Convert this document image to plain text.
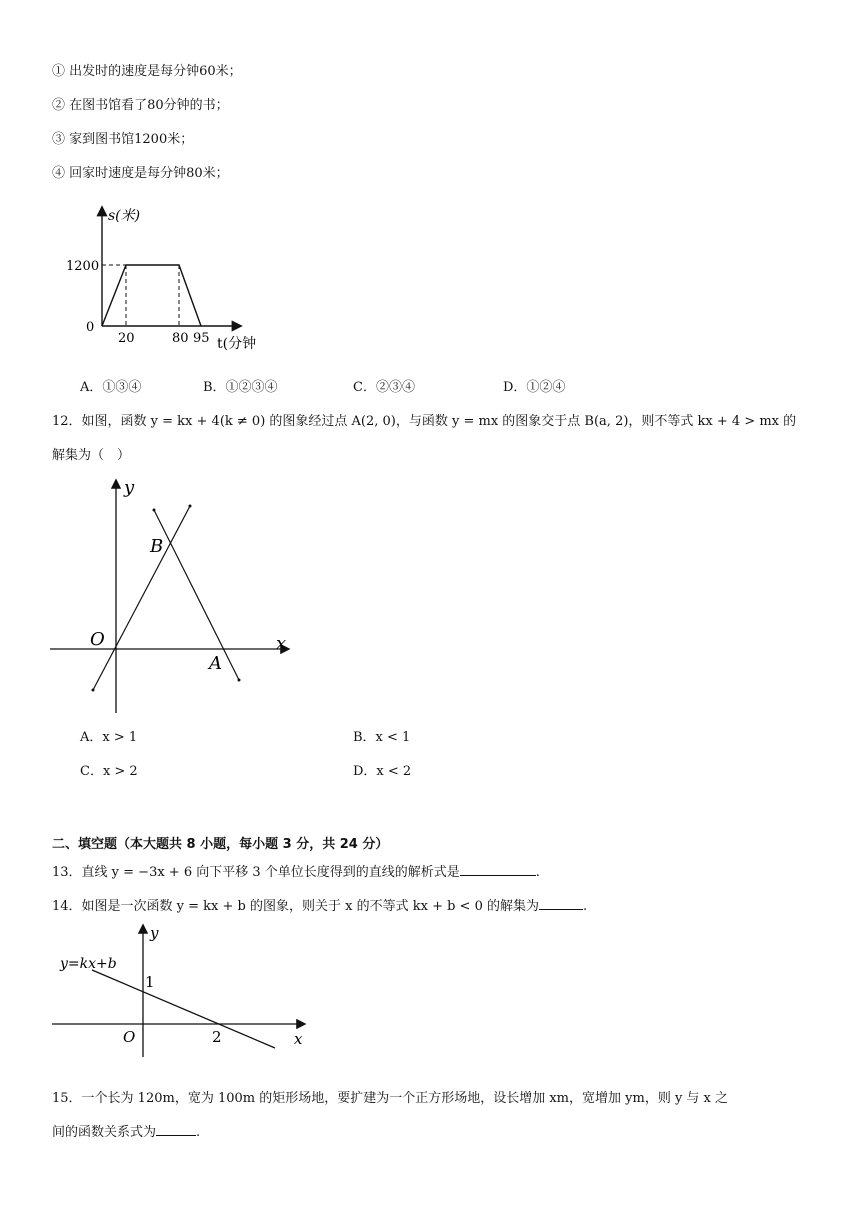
① 出发时的速度是每分钟60米；
② 在图书馆看了80分钟的书；
③ 家到图书馆1200米；
④ 回家时速度是每分钟80米；
s(米)
1200
0
20	80 95 t(分钟
A．①③④	B．①②③④	C．②③④	D．①②④
12．如图，函数 y = kx + 4(k ≠ 0) 的图象经过点 A(2, 0)，与函数 y = mx 的图象交于点 B(a, 2)，则不等式 kx + 4 > mx 的
解集为（　）
y
x
O
A
B
A．x > 1	B．x < 1
C．x > 2	D．x < 2
二、填空题（本大题共 8 小题，每小题 3 分，共 24 分）
13．直线 y = −3x + 6 向下平移 3 个单位长度得到的直线的解析式是	.
14．如图是一次函数 y = kx + b 的图象，则关于 x 的不等式 kx + b < 0 的解集为	.
y
x
O
1
2
y=kx+b
15．一个长为 120m，宽为 100m 的矩形场地，要扩建为一个正方形场地，设长增加 xm，宽增加 ym，则 y 与 x 之
间的函数关系式为	.
